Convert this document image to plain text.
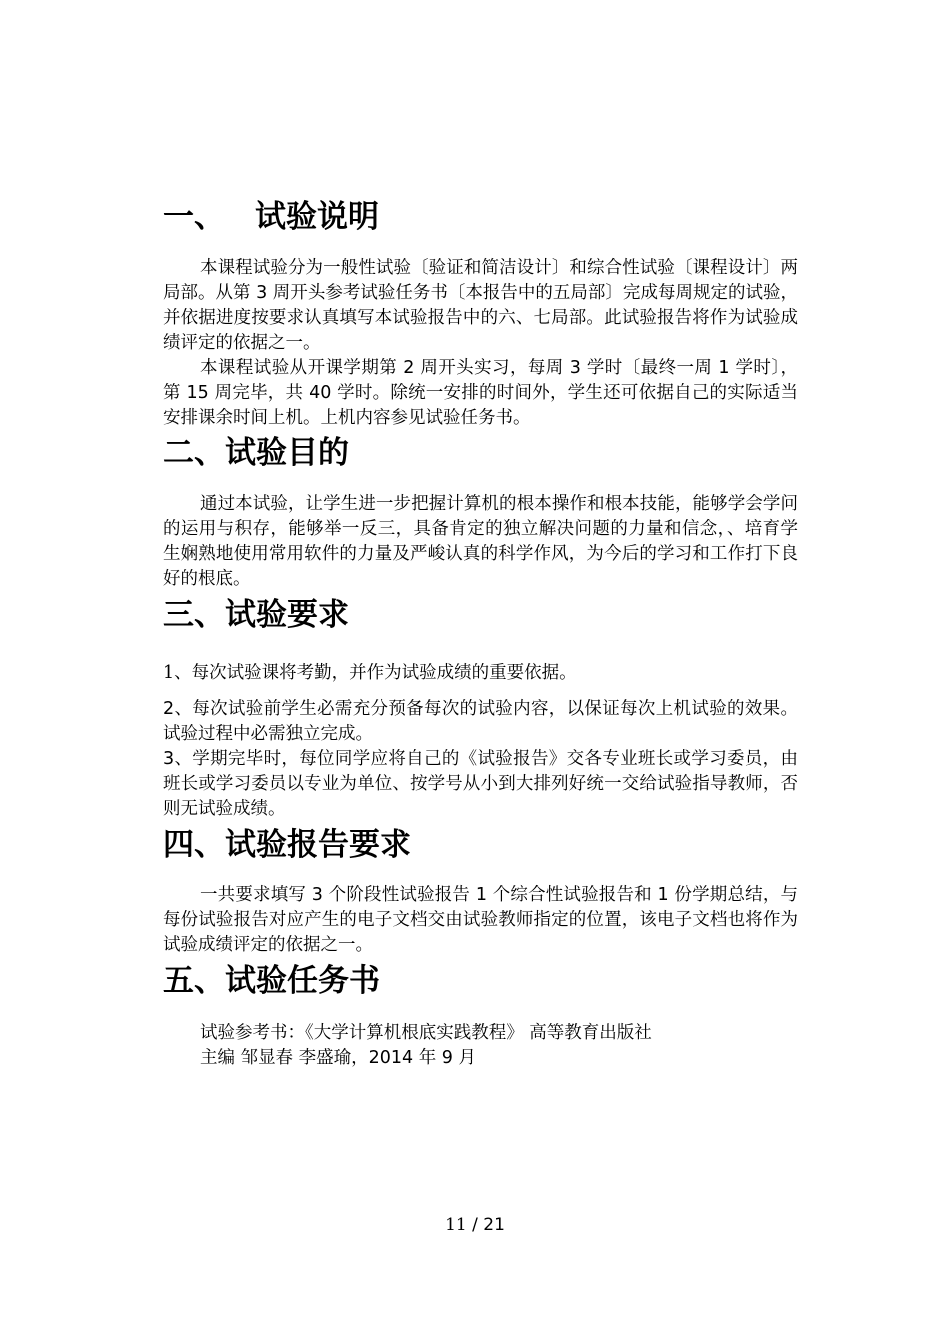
一、 试验说明

本课程试验分为一般性试验〔验证和简洁设计〕和综合性试验〔课程设计〕两局部。从第 3 周开头参考试验任务书〔本报告中的五局部〕完成每周规定的试验，并依据进度按要求认真填写本试验报告中的六、七局部。此试验报告将作为试验成绩评定的依据之一。

本课程试验从开课学期第 2 周开头实习，每周 3 学时〔最终一周 1 学时〕，第 15 周完毕，共 40 学时。除统一安排的时间外，学生还可依据自己的实际适当安排课余时间上机。上机内容参见试验任务书。

二、试验目的

通过本试验，让学生进一步把握计算机的根本操作和根本技能，能够学会学问的运用与积存，能够举一反三，具备肯定的独立解决问题的力量和信念，、培育学生娴熟地使用常用软件的力量及严峻认真的科学作风，为今后的学习和工作打下良好的根底。

三、试验要求

1、每次试验课将考勤，并作为试验成绩的重要依据。

2、每次试验前学生必需充分预备每次的试验内容，以保证每次上机试验的效果。试验过程中必需独立完成。

3、学期完毕时，每位同学应将自己的《试验报告》交各专业班长或学习委员，由班长或学习委员以专业为单位、按学号从小到大排列好统一交给试验指导教师，否则无试验成绩。

四、试验报告要求

一共要求填写 3 个阶段性试验报告 1 个综合性试验报告和 1 份学期总结，与每份试验报告对应产生的电子文档交由试验教师指定的位置，该电子文档也将作为试验成绩评定的依据之一。

五、试验任务书
试验参考书：《大学计算机根底实践教程》 高等教育出版社
主编 邹显春 李盛瑜，2014 年 9 月
11 / 21
